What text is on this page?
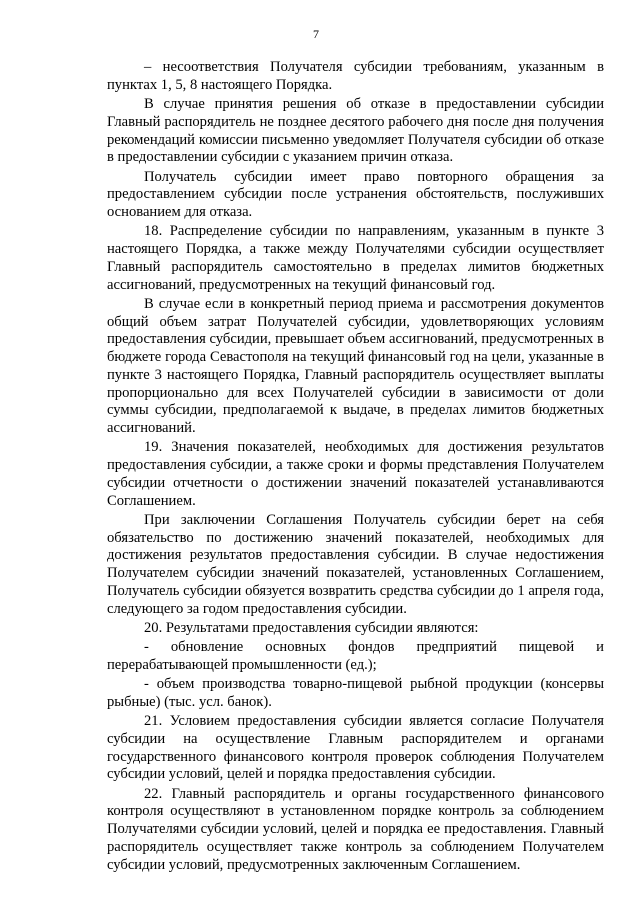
7

– несоответствия Получателя субсидии требованиям, указанным в пунктах 1, 5, 8 настоящего Порядка.

В случае принятия решения об отказе в предоставлении субсидии Главный распорядитель не позднее десятого рабочего дня после дня получения рекомендаций комиссии письменно уведомляет Получателя субсидии об отказе в предоставлении субсидии с указанием причин отказа.

Получатель субсидии имеет право повторного обращения за предоставлением субсидии после устранения обстоятельств, послуживших основанием для отказа.

18. Распределение субсидии по направлениям, указанным в пункте 3 настоящего Порядка, а также между Получателями субсидии осуществляет Главный распорядитель самостоятельно в пределах лимитов бюджетных ассигнований, предусмотренных на текущий финансовый год.

В случае если в конкретный период приема и рассмотрения документов общий объем затрат Получателей субсидии, удовлетворяющих условиям предоставления субсидии, превышает объем ассигнований, предусмотренных в бюджете города Севастополя на текущий финансовый год на цели, указанные в пункте 3 настоящего Порядка, Главный распорядитель осуществляет выплаты пропорционально для всех Получателей субсидии в зависимости от доли суммы субсидии, предполагаемой к выдаче, в пределах лимитов бюджетных ассигнований.

19. Значения показателей, необходимых для достижения результатов предоставления субсидии, а также сроки и формы представления Получателем субсидии отчетности о достижении значений показателей устанавливаются Соглашением.

При заключении Соглашения Получатель субсидии берет на себя обязательство по достижению значений показателей, необходимых для достижения результатов предоставления субсидии. В случае недостижения Получателем субсидии значений показателей, установленных Соглашением, Получатель субсидии обязуется возвратить средства субсидии до 1 апреля года, следующего за годом предоставления субсидии.

20. Результатами предоставления субсидии являются:

- обновление основных фондов предприятий пищевой и перерабатывающей промышленности (ед.);

- объем производства товарно-пищевой рыбной продукции (консервы рыбные) (тыс. усл. банок).

21. Условием предоставления субсидии является согласие Получателя субсидии на осуществление Главным распорядителем и органами государственного финансового контроля проверок соблюдения Получателем субсидии условий, целей и порядка предоставления субсидии.

22. Главный распорядитель и органы государственного финансового контроля осуществляют в установленном порядке контроль за соблюдением Получателями субсидии условий, целей и порядка ее предоставления. Главный распорядитель осуществляет также контроль за соблюдением Получателем субсидии условий, предусмотренных заключенным Соглашением.
